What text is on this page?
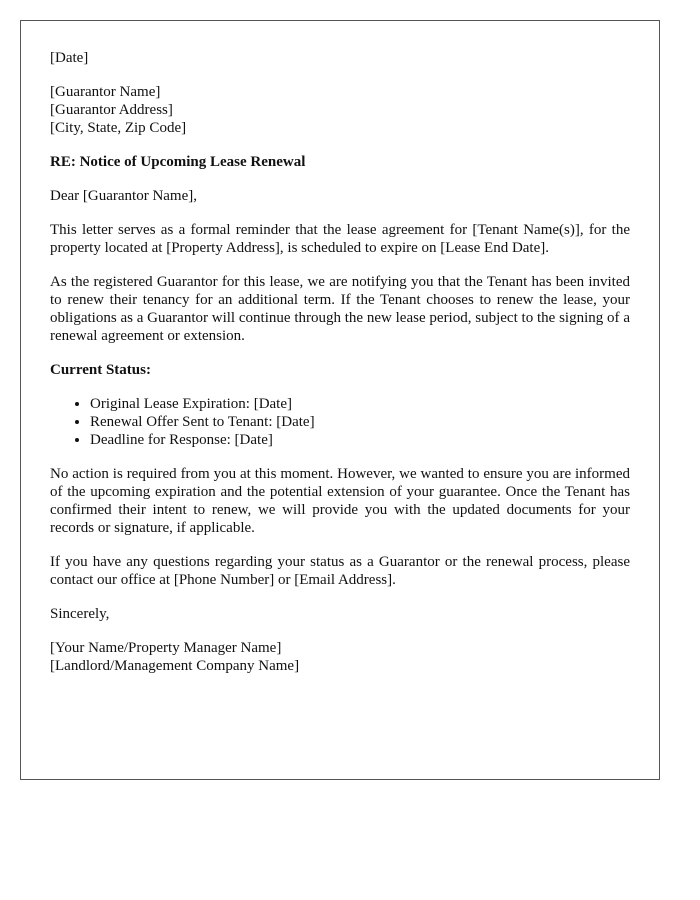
[Date]
[Guarantor Name]
[Guarantor Address]
[City, State, Zip Code]
RE: Notice of Upcoming Lease Renewal
Dear [Guarantor Name],

This letter serves as a formal reminder that the lease agreement for [Tenant Name(s)], for the property located at [Property Address], is scheduled to expire on [Lease End Date].

As the registered Guarantor for this lease, we are notifying you that the Tenant has been invited to renew their tenancy for an additional term. If the Tenant chooses to renew the lease, your obligations as a Guarantor will continue through the new lease period, subject to the signing of a renewal agreement or extension.

Current Status:
• Original Lease Expiration: [Date]
• Renewal Offer Sent to Tenant: [Date]
• Deadline for Response: [Date]

No action is required from you at this moment. However, we wanted to ensure you are informed of the upcoming expiration and the potential extension of your guarantee. Once the Tenant has confirmed their intent to renew, we will provide you with the updated documents for your records or signature, if applicable.

If you have any questions regarding your status as a Guarantor or the renewal process, please contact our office at [Phone Number] or [Email Address].

Sincerely,
[Your Name/Property Manager Name]
[Landlord/Management Company Name]
